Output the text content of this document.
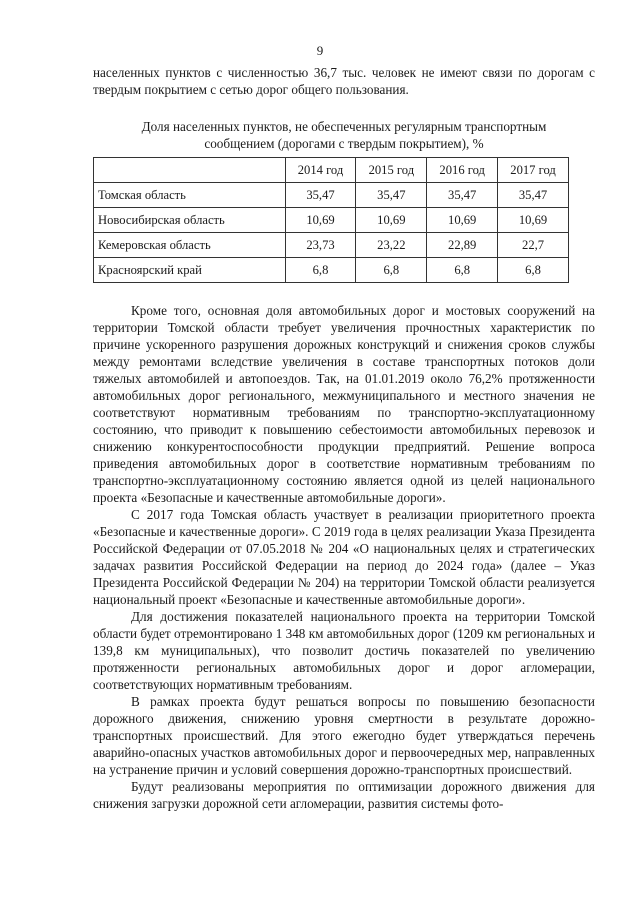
9

населенных пунктов с численностью 36,7 тыс. человек не имеют связи по дорогам с твердым покрытием с сетью дорог общего пользования.

Доля населенных пунктов, не обеспеченных регулярным транспортным
сообщением (дорогами с твердым покрытием), %
	2014 год	2015 год	2016 год	2017 год
Томская область	35,47	35,47	35,47	35,47
Новосибирская область	10,69	10,69	10,69	10,69
Кемеровская область	23,73	23,22	22,89	22,7
Красноярский край	6,8	6,8	6,8	6,8

Кроме того, основная доля автомобильных дорог и мостовых сооружений на территории Томской области требует увеличения прочностных характеристик по причине ускоренного разрушения дорожных конструкций и снижения сроков службы между ремонтами вследствие увеличения в составе транспортных потоков доли тяжелых автомобилей и автопоездов. Так, на 01.01.2019 около 76,2% протяженности автомобильных дорог регионального, межмуниципального и местного значения не соответствуют нормативным требованиям по транспортно-эксплуатационному состоянию, что приводит к повышению себестоимости автомобильных перевозок и снижению конкурентоспособности продукции предприятий. Решение вопроса приведения автомобильных дорог в соответствие нормативным требованиям по транспортно-эксплуатационному состоянию является одной из целей национального проекта «Безопасные и качественные автомобильные дороги».

С 2017 года Томская область участвует в реализации приоритетного проекта «Безопасные и качественные дороги». С 2019 года в целях реализации Указа Президента Российской Федерации от 07.05.2018 № 204 «О национальных целях и стратегических задачах развития Российской Федерации на период до 2024 года» (далее – Указ Президента Российской Федерации № 204) на территории Томской области реализуется национальный проект «Безопасные и качественные автомобильные дороги».

Для достижения показателей национального проекта на территории Томской области будет отремонтировано 1 348 км автомобильных дорог (1209 км региональных и 139,8 км муниципальных), что позволит достичь показателей по увеличению протяженности региональных автомобильных дорог и дорог агломерации, соответствующих нормативным требованиям.

В рамках проекта будут решаться вопросы по повышению безопасности дорожного движения, снижению уровня смертности в результате дорожно-транспортных происшествий. Для этого ежегодно будет утверждаться перечень аварийно-опасных участков автомобильных дорог и первоочередных мер, направленных на устранение причин и условий совершения дорожно-транспортных происшествий.

Будут реализованы мероприятия по оптимизации дорожного движения для снижения загрузки дорожной сети агломерации, развития системы фото-
